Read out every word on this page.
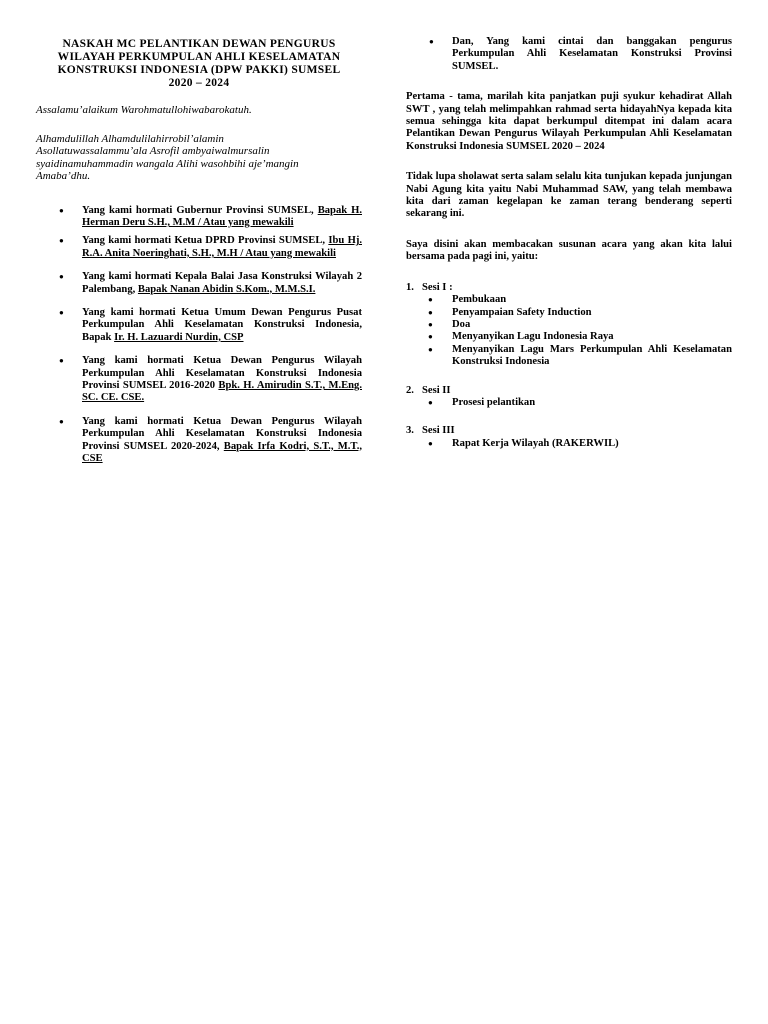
NASKAH MC PELANTIKAN DEWAN PENGURUS
WILAYAH PERKUMPULAN AHLI KESELAMATAN
KONSTRUKSI INDONESIA (DPW PAKKI) SUMSEL
2020 – 2024

Assalamu’alaikum Warohmatullohiwabarokatuh.

Alhamdulillah Alhamdulilahirrobil’alamin
Asollatuwassalammu’ala Asrofil ambyaiwalmursalin
syaidinamuhammadin wangala Alihi wasohbihi aje’mangin
Amaba’dhu.
● Yang kami hormati Gubernur Provinsi SUMSEL, Bapak H. Herman Deru S.H., M.M / Atau yang mewakili
● Yang kami hormati Ketua DPRD Provinsi SUMSEL, Ibu Hj. R.A. Anita Noeringhati, S.H., M.H / Atau yang mewakili
● Yang kami hormati Kepala Balai Jasa Konstruksi Wilayah 2 Palembang, Bapak Nanan Abidin S.Kom., M.M.S.I.
● Yang kami hormati Ketua Umum Dewan Pengurus Pusat Perkumpulan Ahli Keselamatan Konstruksi Indonesia, Bapak Ir. H. Lazuardi Nurdin, CSP
● Yang kami hormati Ketua Dewan Pengurus Wilayah Perkumpulan Ahli Keselamatan Konstruksi Indonesia Provinsi SUMSEL 2016-2020 Bpk. H. Amirudin S.T., M.Eng. SC. CE. CSE.
● Yang kami hormati Ketua Dewan Pengurus Wilayah Perkumpulan Ahli Keselamatan Konstruksi Indonesia Provinsi SUMSEL 2020-2024, Bapak Irfa Kodri, S.T., M.T., CSE
● Dan, Yang kami cintai dan banggakan pengurus Perkumpulan Ahli Keselamatan Konstruksi Provinsi SUMSEL.

Pertama - tama, marilah kita panjatkan puji syukur kehadirat Allah SWT , yang telah melimpahkan rahmad serta hidayahNya kepada kita semua sehingga kita dapat berkumpul ditempat ini dalam acara Pelantikan Dewan Pengurus Wilayah Perkumpulan Ahli Keselamatan Konstruksi Indonesia SUMSEL 2020 – 2024

Tidak lupa sholawat serta salam selalu kita tunjukan kepada junjungan Nabi Agung kita yaitu Nabi Muhammad SAW, yang telah membawa kita dari zaman kegelapan ke zaman terang benderang seperti sekarang ini.

Saya disini akan membacakan susunan acara yang akan kita lalui bersama pada pagi ini, yaitu:

1. Sesi I :
● Pembukaan
● Penyampaian Safety Induction
● Doa
● Menyanyikan Lagu Indonesia Raya
● Menyanyikan Lagu Mars Perkumpulan Ahli Keselamatan Konstruksi Indonesia
2. Sesi II
● Prosesi pelantikan
3. Sesi III
● Rapat Kerja Wilayah (RAKERWIL)
